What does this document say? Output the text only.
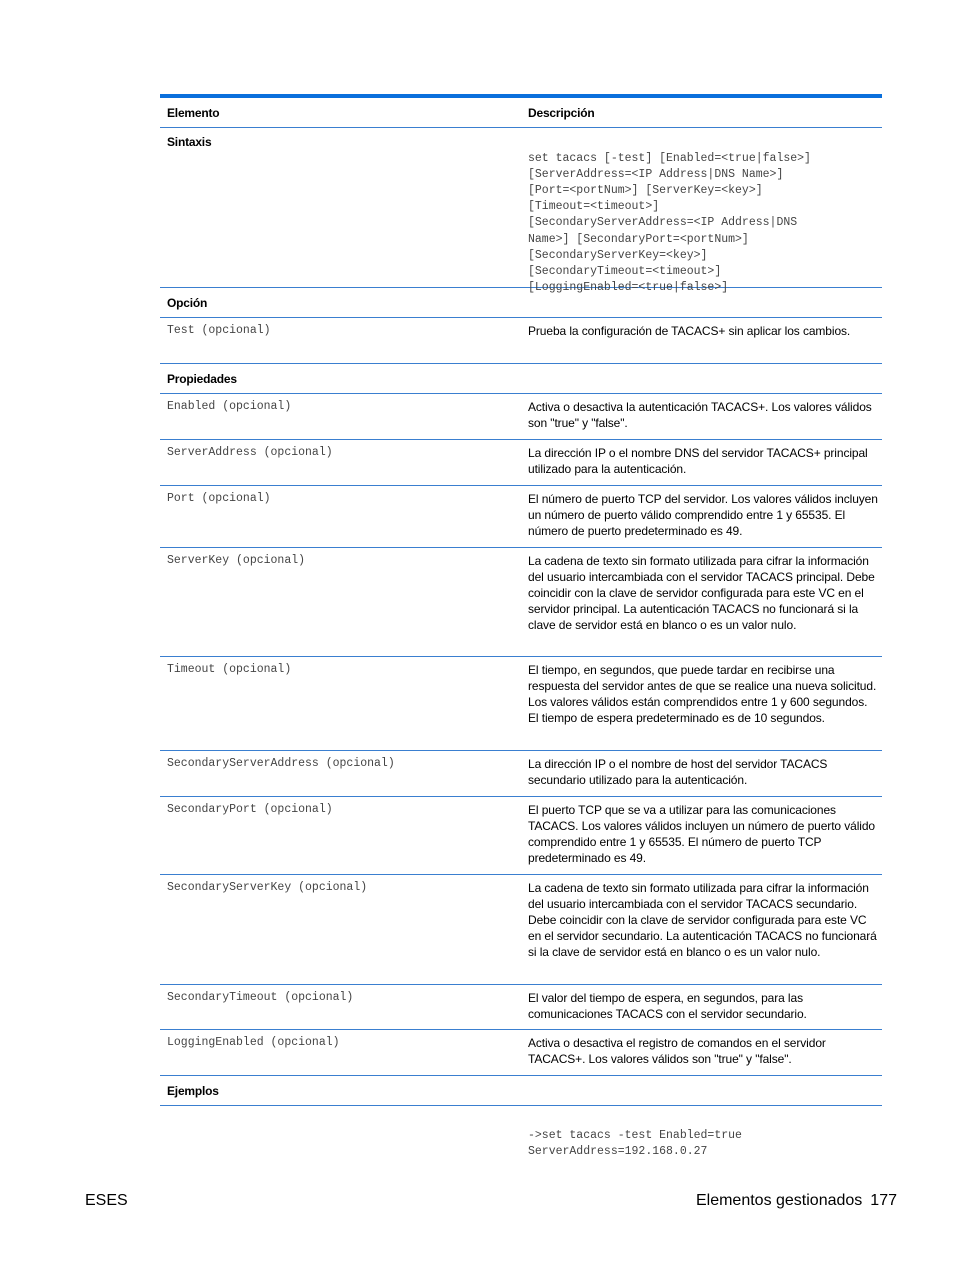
Elemento	Descripción
Sintaxis

set tacacs [-test] [Enabled=<true|false>]
[ServerAddress=<IP Address|DNS Name>]
[Port=<portNum>] [ServerKey=<key>]
[Timeout=<timeout>]
[SecondaryServerAddress=<IP Address|DNS
Name>] [SecondaryPort=<portNum>]
[SecondaryServerKey=<key>]
[SecondaryTimeout=<timeout>]
[LoggingEnabled=<true|false>]

Opción
Test (opcional)	Prueba la configuración de TACACS+ sin aplicar los cambios.
Propiedades
Enabled (opcional)	Activa o desactiva la autenticación TACACS+. Los valores válidos son "true" y "false".
ServerAddress (opcional)	La dirección IP o el nombre DNS del servidor TACACS+ principal utilizado para la autenticación.
Port (opcional)	El número de puerto TCP del servidor. Los valores válidos incluyen un número de puerto válido comprendido entre 1 y 65535. El número de puerto predeterminado es 49.
ServerKey (opcional)	La cadena de texto sin formato utilizada para cifrar la información del usuario intercambiada con el servidor TACACS principal. Debe coincidir con la clave de servidor configurada para este VC en el servidor principal. La autenticación TACACS no funcionará si la clave de servidor está en blanco o es un valor nulo.
Timeout (opcional)	El tiempo, en segundos, que puede tardar en recibirse una respuesta del servidor antes de que se realice una nueva solicitud. Los valores válidos están comprendidos entre 1 y 600 segundos. El tiempo de espera predeterminado es de 10 segundos.
SecondaryServerAddress (opcional)	La dirección IP o el nombre de host del servidor TACACS secundario utilizado para la autenticación.
SecondaryPort (opcional)	El puerto TCP que se va a utilizar para las comunicaciones TACACS. Los valores válidos incluyen un número de puerto válido comprendido entre 1 y 65535. El número de puerto TCP predeterminado es 49.
SecondaryServerKey (opcional)	La cadena de texto sin formato utilizada para cifrar la información del usuario intercambiada con el servidor TACACS secundario. Debe coincidir con la clave de servidor configurada para este VC en el servidor secundario. La autenticación TACACS no funcionará si la clave de servidor está en blanco o es un valor nulo.
SecondaryTimeout (opcional)	El valor del tiempo de espera, en segundos, para las comunicaciones TACACS con el servidor secundario.
LoggingEnabled (opcional)	Activa o desactiva el registro de comandos en el servidor TACACS+. Los valores válidos son "true" y "false".
Ejemplos

->set tacacs -test Enabled=true
ServerAddress=192.168.0.27

ESES	Elementos gestionados 177
